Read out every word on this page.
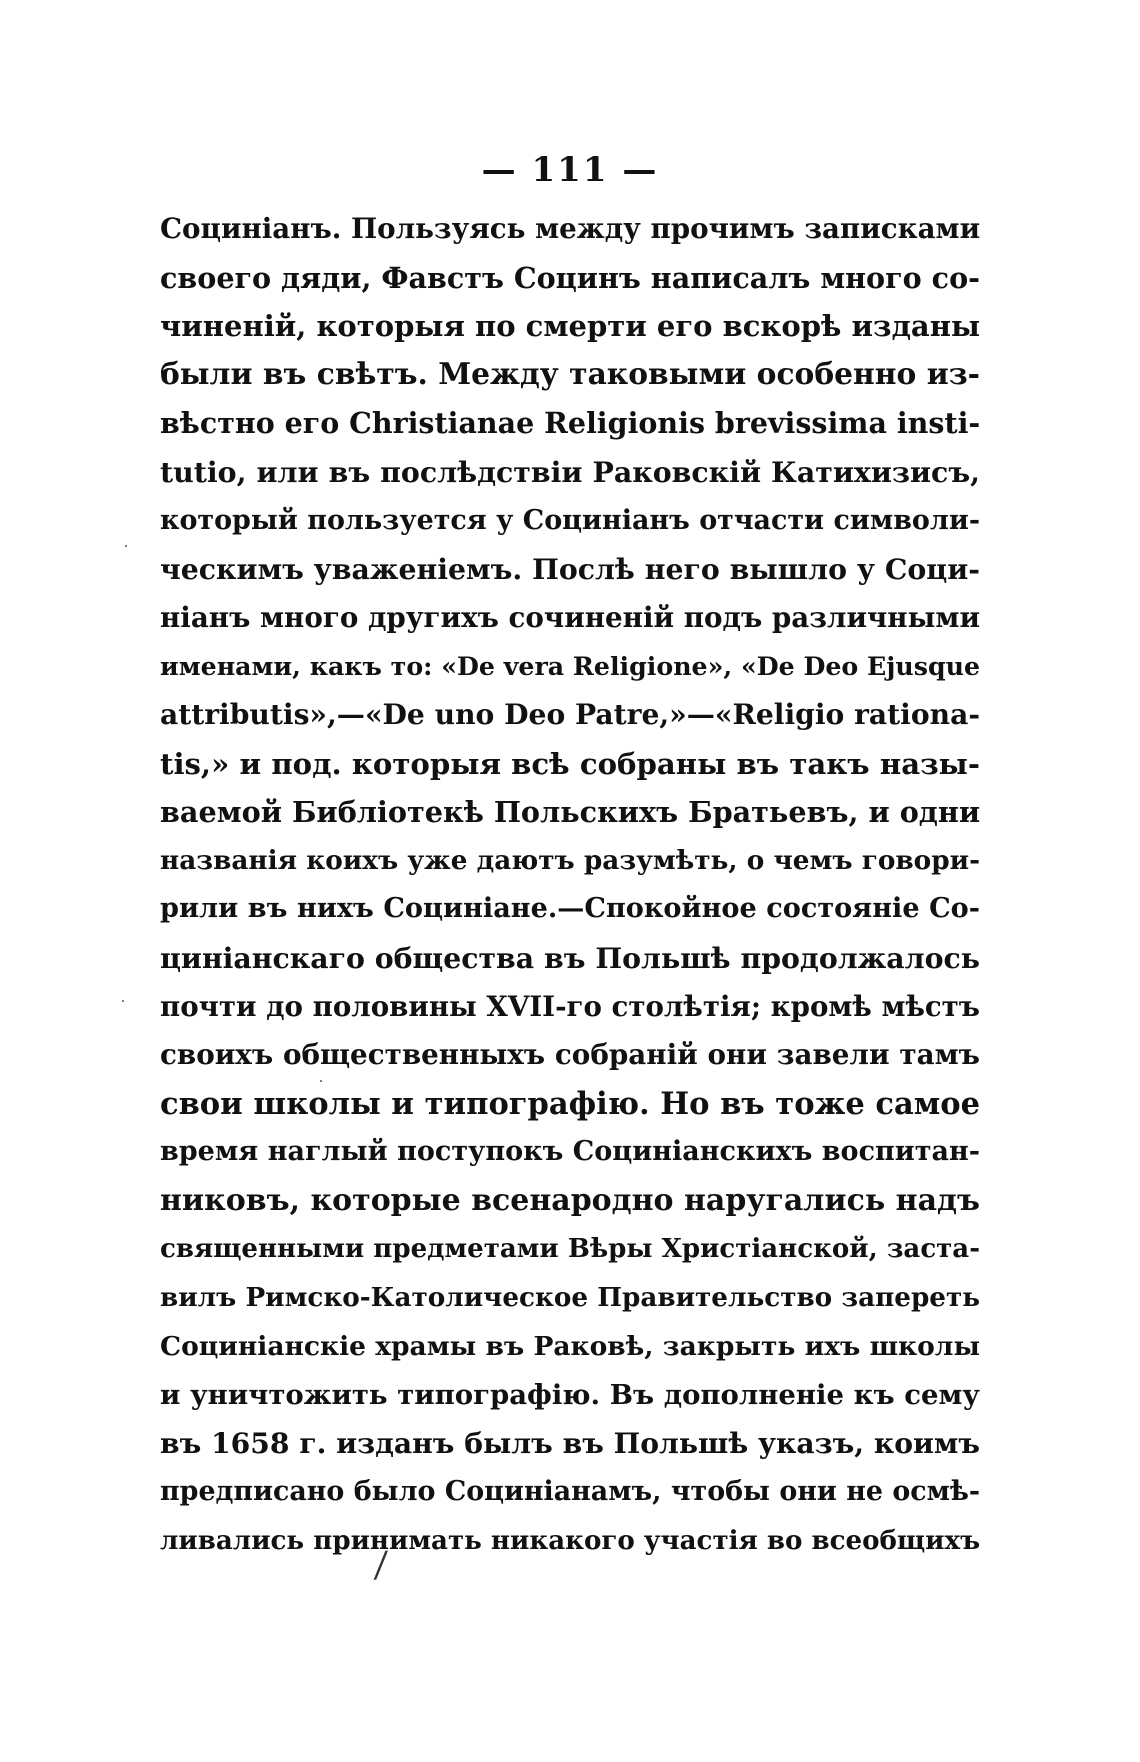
— 111 —
Социніанъ. Пользуясь между прочимъ записками
своего дяди, Фавстъ Социнъ написалъ много со-
чиненій, которыя по смерти его вскорѣ изданы
были въ свѣтъ. Между таковыми особенно из-
вѣстно его Christianae Religionis brevissima insti-
tutio, или въ послѣдствіи Раковскій Катихизисъ,
который пользуется у Социніанъ отчасти символи-
ческимъ уваженіемъ. Послѣ него вышло у Соци-
ніанъ много другихъ сочиненій подъ различными
именами, какъ то: «De vera Religione», «De Deo Ejusque
attributis»,—«De uno Deo Patre,»—«Religio rationa-
tis,» и под. которыя всѣ собраны въ такъ назы-
ваемой Библіотекѣ Польскихъ Братьевъ, и одни
названія коихъ уже даютъ разумѣть, о чемъ говори-
рили въ нихъ Социніане.—Спокойное состояніе Со-
циніанскаго общества въ Польшѣ продолжалось
почти до половины XVII-го столѣтія; кромѣ мѣстъ
своихъ общественныхъ собраній они завели тамъ
свои школы и типографію. Но въ тоже самое
время наглый поступокъ Социніанскихъ воспитан-
никовъ, которые всенародно наругались надъ
священными предметами Вѣры Христіанской, заста-
вилъ Римско-Католическое Правительство запереть
Социніанскіе храмы въ Раковѣ, закрыть ихъ школы
и уничтожить типографію. Въ дополненіе къ сему
въ 1658 г. изданъ былъ въ Польшѣ указъ, коимъ
предписано было Социніанамъ, чтобы они не осмѣ-
ливались принимать никакого участія во всеобщихъ
/
